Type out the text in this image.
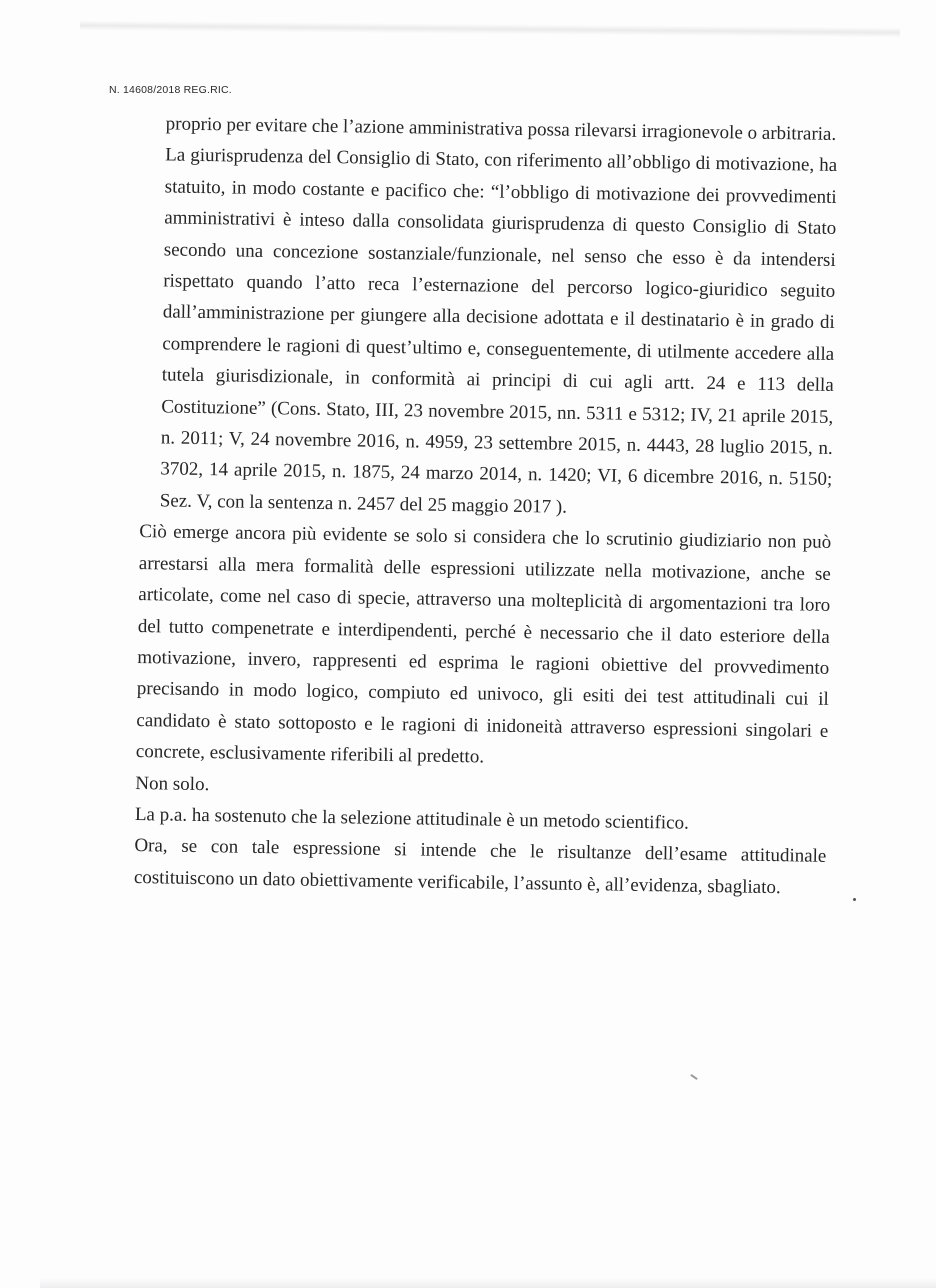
N. 14608/2018 REG.RIC.

proprio per evitare che l’azione amministrativa possa rilevarsi irragionevole o arbitraria.

La giurisprudenza del Consiglio di Stato, con riferimento all’obbligo di motivazione, ha statuito, in modo costante e pacifico che: “l’obbligo di motivazione dei provvedimenti amministrativi è inteso dalla consolidata giurisprudenza di questo Consiglio di Stato secondo una concezione sostanziale/funzionale, nel senso che esso è da intendersi rispettato quando l’atto reca l’esternazione del percorso logico-giuridico seguito dall’amministrazione per giungere alla decisione adottata e il destinatario è in grado di comprendere le ragioni di quest’ultimo e, conseguentemente, di utilmente accedere alla tutela giurisdizionale, in conformità ai principi di cui agli artt. 24 e 113 della Costituzione” (Cons. Stato, III, 23 novembre 2015, nn. 5311 e 5312; IV, 21 aprile 2015, n. 2011; V, 24 novembre 2016, n. 4959, 23 settembre 2015, n. 4443, 28 luglio 2015, n. 3702, 14 aprile 2015, n. 1875, 24 marzo 2014, n. 1420; VI, 6 dicembre 2016, n. 5150; Sez. V, con la sentenza n. 2457 del 25 maggio 2017 ).

Ciò emerge ancora più evidente se solo si considera che lo scrutinio giudiziario non può arrestarsi alla mera formalità delle espressioni utilizzate nella motivazione, anche se articolate, come nel caso di specie, attraverso una molteplicità di argomentazioni tra loro del tutto compenetrate e interdipendenti, perché è necessario che il dato esteriore della motivazione, invero, rappresenti ed esprima le ragioni obiettive del provvedimento precisando in modo logico, compiuto ed univoco, gli esiti dei test attitudinali cui il candidato è stato sottoposto e le ragioni di inidoneità attraverso espressioni singolari e concrete, esclusivamente riferibili al predetto.

Non solo.

La p.a. ha sostenuto che la selezione attitudinale è un metodo scientifico.

Ora, se con tale espressione si intende che le risultanze dell’esame attitudinale costituiscono un dato obiettivamente verificabile, l’assunto è, all’evidenza, sbagliato.
